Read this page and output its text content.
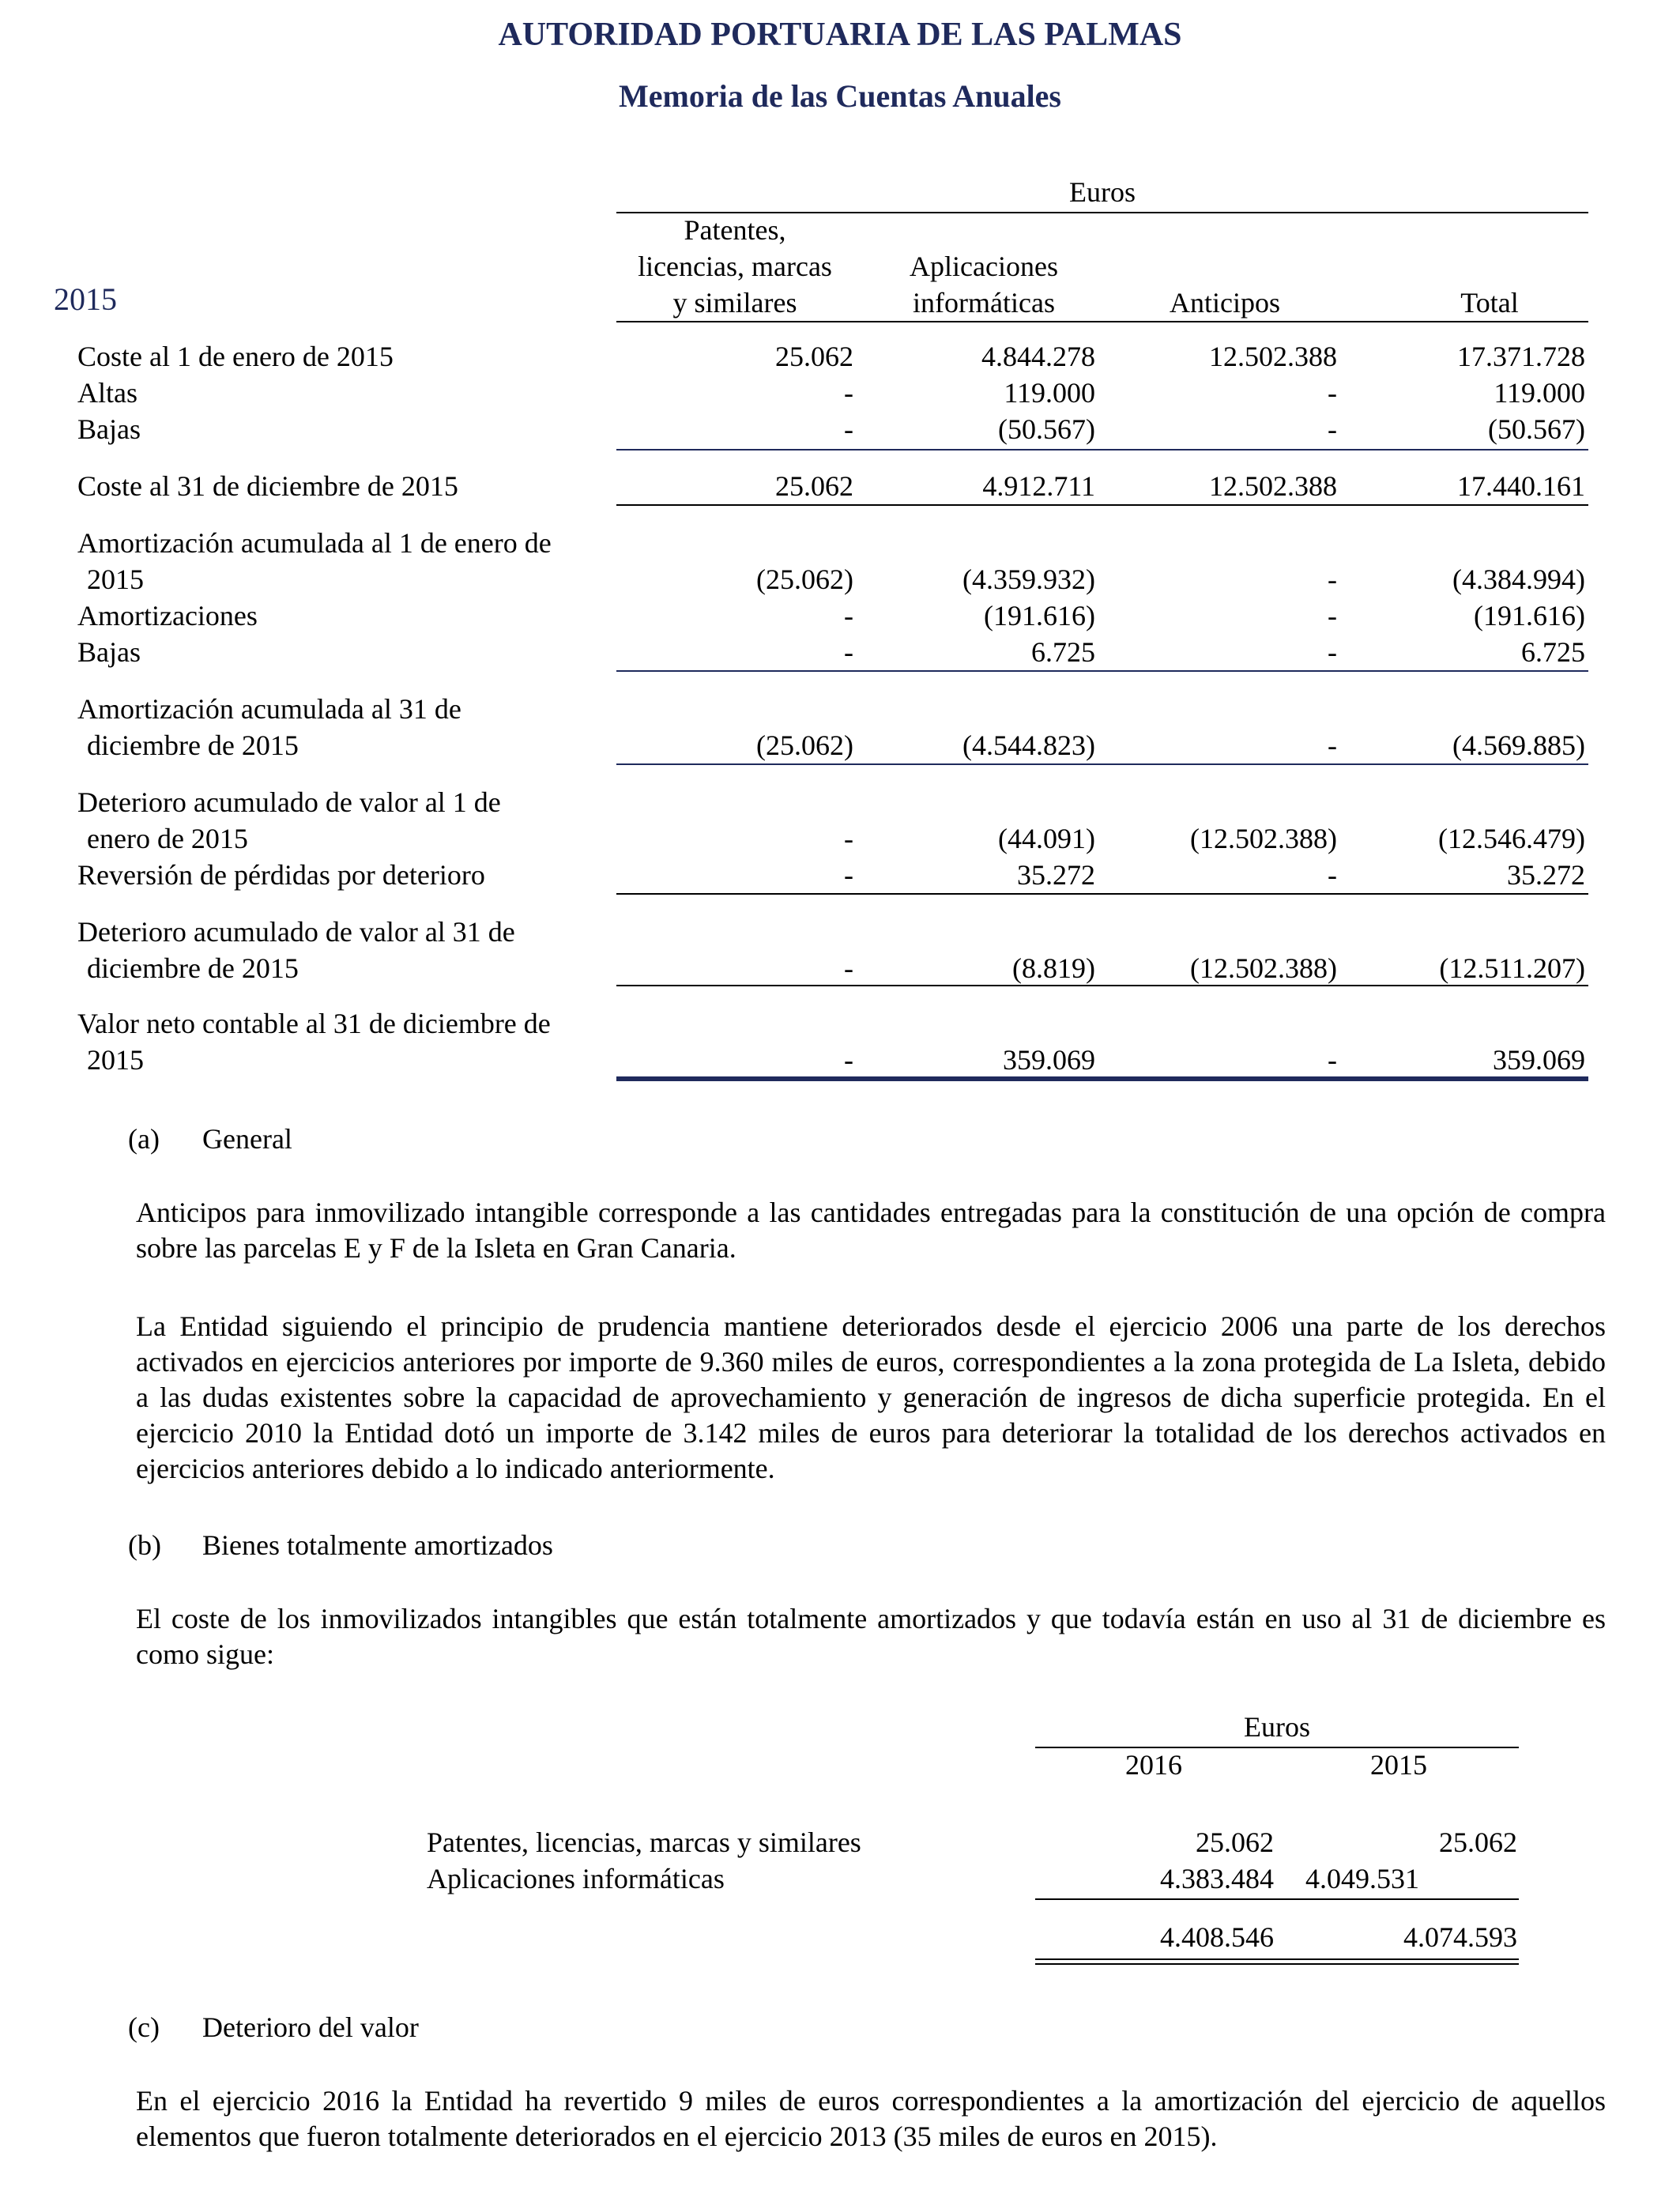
AUTORIDAD PORTUARIA DE LAS PALMAS
Memoria de las Cuentas Anuales
Euros
Patentes,
licencias, marcas
y similares
Aplicaciones
informáticas	Anticipos	Total
2015
Coste al 1 de enero de 2015	25.062	4.844.278	12.502.388	17.371.728
Altas	-	119.000	-	119.000
Bajas	-	(50.567)	-	(50.567)
Coste al 31 de diciembre de 2015	25.062	4.912.711	12.502.388	17.440.161
Amortización acumulada al 1 de enero de
2015	(25.062)	(4.359.932)	-	(4.384.994)
Amortizaciones	-	(191.616)	-	(191.616)
Bajas	-	6.725	-	6.725
Amortización acumulada al 31 de
diciembre de 2015	(25.062)	(4.544.823)	-	(4.569.885)
Deterioro acumulado de valor al 1 de
enero de 2015	-	(44.091)	(12.502.388)	(12.546.479)
Reversión de pérdidas por deterioro	-	35.272	-	35.272
Deterioro acumulado de valor al 31 de
diciembre de 2015	-	(8.819)	(12.502.388)	(12.511.207)
Valor neto contable al 31 de diciembre de
2015	-	359.069	-	359.069
(a) General
Anticipos para inmovilizado intangible corresponde a las cantidades entregadas para la constitución de una opción de compra sobre las parcelas E y F de la Isleta en Gran Canaria.
La Entidad siguiendo el principio de prudencia mantiene deteriorados desde el ejercicio 2006 una parte de los derechos activados en ejercicios anteriores por importe de 9.360 miles de euros, correspondientes a la zona protegida de La Isleta, debido a las dudas existentes sobre la capacidad de aprovechamiento y generación de ingresos de dicha superficie protegida. En el ejercicio 2010 la Entidad dotó un importe de 3.142 miles de euros para deteriorar la totalidad de los derechos activados en ejercicios anteriores debido a lo indicado anteriormente.
(b) Bienes totalmente amortizados
El coste de los inmovilizados intangibles que están totalmente amortizados y que todavía están en uso al 31 de diciembre es como sigue:
Euros
2016	2015
Patentes, licencias, marcas y similares	25.062	25.062
Aplicaciones informáticas	4.383.484 4.049.531
4.408.546	4.074.593
(c) Deterioro del valor
En el ejercicio 2016 la Entidad ha revertido 9 miles de euros correspondientes a la amortización del ejercicio de aquellos elementos que fueron totalmente deteriorados en el ejercicio 2013 (35 miles de euros en 2015).
